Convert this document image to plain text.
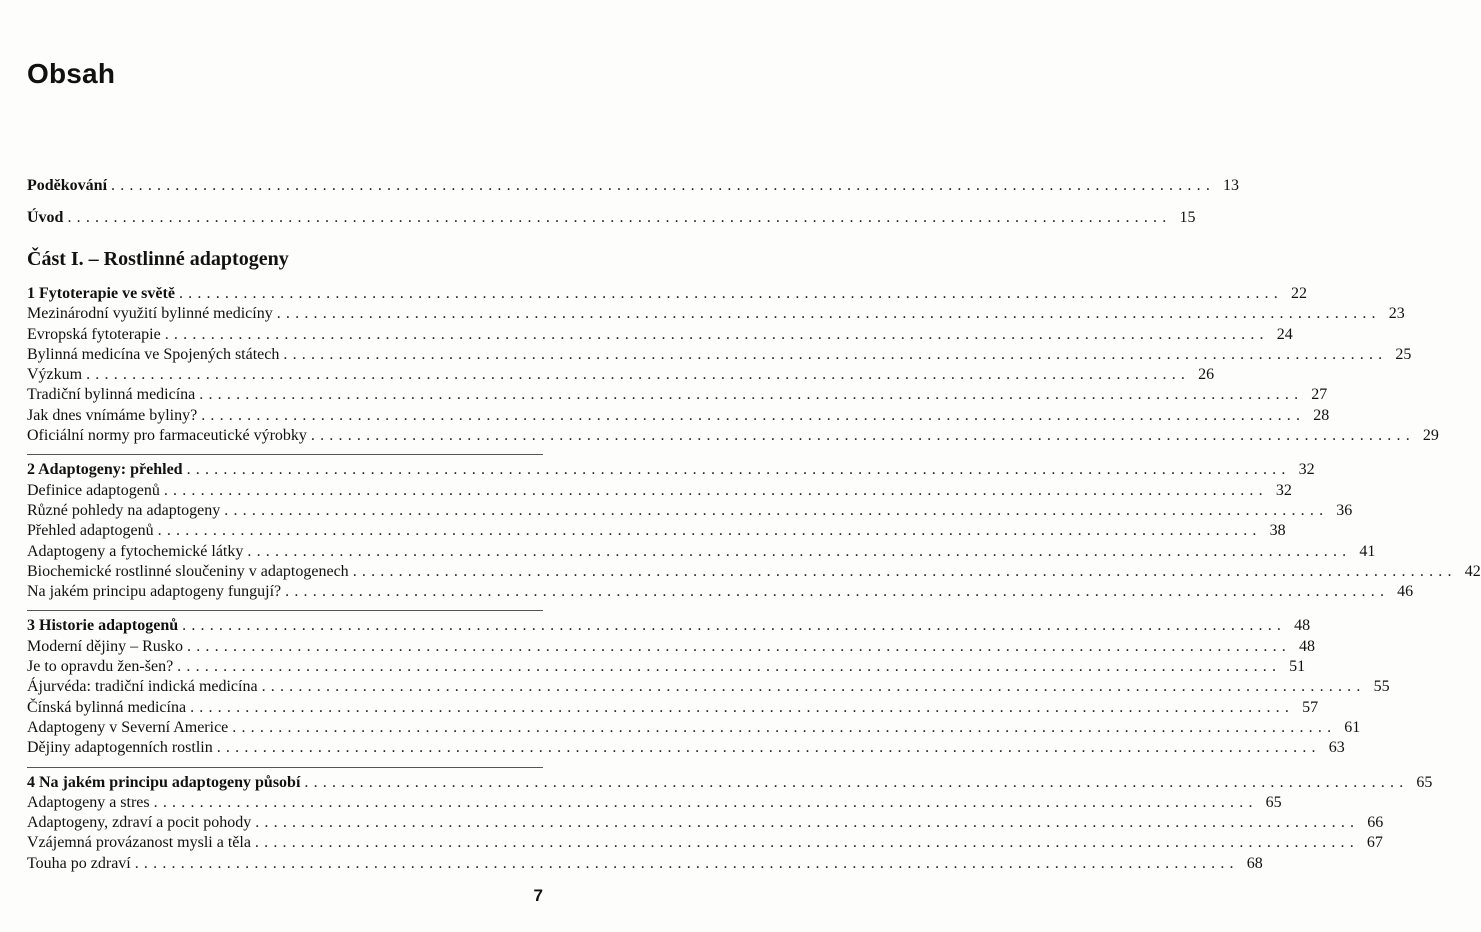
Obsah
Poděkování ........................................................................................................................ 13
Úvod ........................................................................................................................ 15
Část I. – Rostlinné adaptogeny
1 Fytoterapie ve světě ........................................................................................................................ 22
Mezinárodní využití bylinné medicíny ........................................................................................................................ 23
Evropská fytoterapie ........................................................................................................................ 24
Bylinná medicína ve Spojených státech ........................................................................................................................ 25
Výzkum ........................................................................................................................ 26
Tradiční bylinná medicína ........................................................................................................................ 27
Jak dnes vnímáme byliny? ........................................................................................................................ 28
Oficiální normy pro farmaceutické výrobky ........................................................................................................................ 29
2 Adaptogeny: přehled ........................................................................................................................ 32
Definice adaptogenů ........................................................................................................................ 32
Různé pohledy na adaptogeny ........................................................................................................................ 36
Přehled adaptogenů ........................................................................................................................ 38
Adaptogeny a fytochemické látky ........................................................................................................................ 41
Biochemické rostlinné sloučeniny v adaptogenech ........................................................................................................................ 42
Na jakém principu adaptogeny fungují? ........................................................................................................................ 46
3 Historie adaptogenů ........................................................................................................................ 48
Moderní dějiny – Rusko ........................................................................................................................ 48
Je to opravdu žen-šen? ........................................................................................................................ 51
Ájurvéda: tradiční indická medicína ........................................................................................................................ 55
Čínská bylinná medicína ........................................................................................................................ 57
Adaptogeny v Severní Americe ........................................................................................................................ 61
Dějiny adaptogenních rostlin ........................................................................................................................ 63
4 Na jakém principu adaptogeny působí ........................................................................................................................ 65
Adaptogeny a stres ........................................................................................................................ 65
Adaptogeny, zdraví a pocit pohody ........................................................................................................................ 66
Vzájemná provázanost mysli a těla ........................................................................................................................ 67
Touha po zdraví ........................................................................................................................ 68
7
